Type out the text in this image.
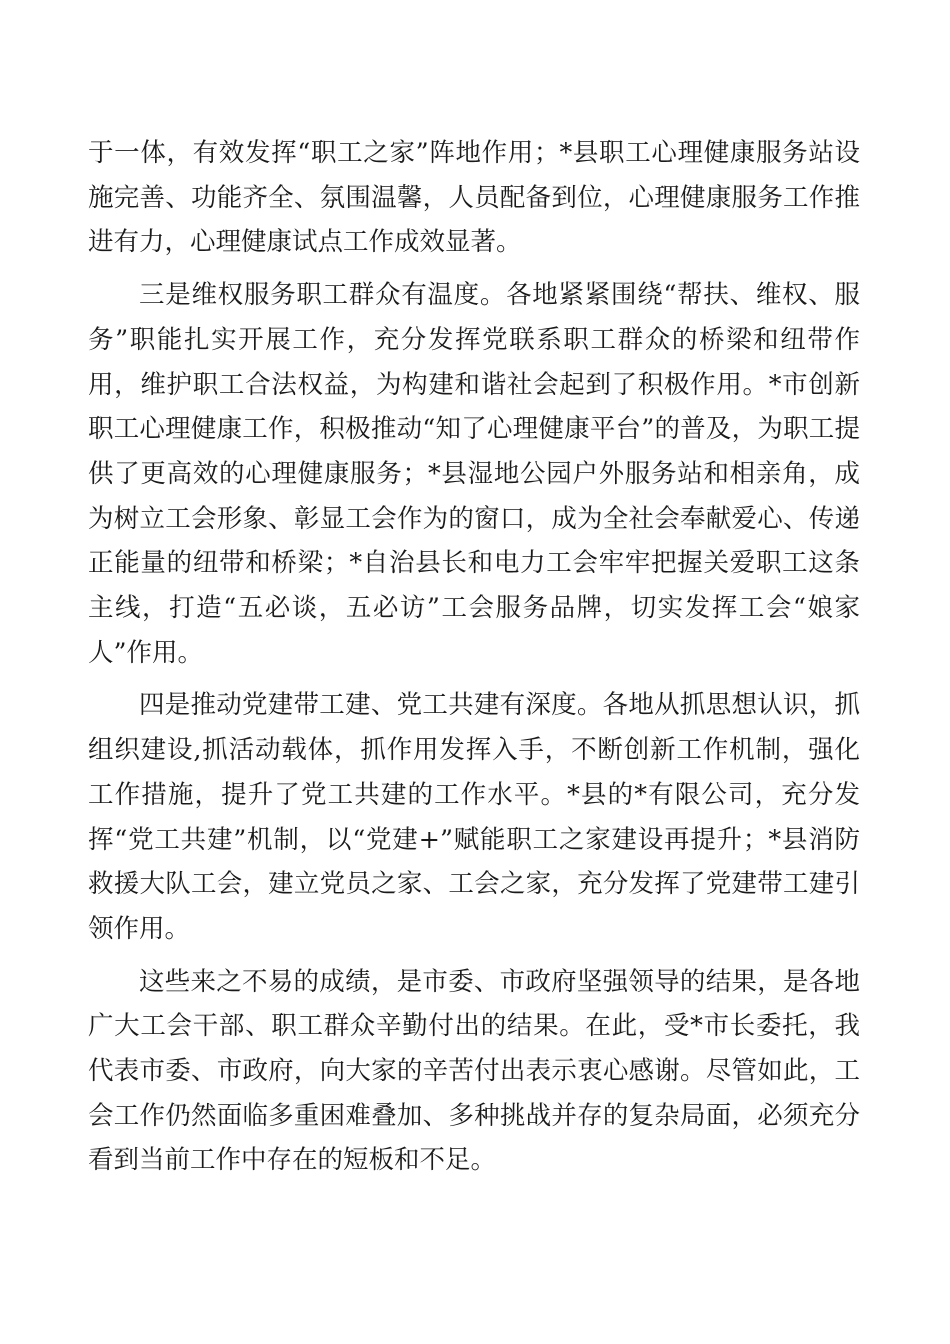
于一体，有效发挥“职工之家”阵地作用；*县职工心理健康服务站设施完善、功能齐全、氛围温馨，人员配备到位，心理健康服务工作推进有力，心理健康试点工作成效显著。

三是维权服务职工群众有温度。各地紧紧围绕“帮扶、维权、服务”职能扎实开展工作，充分发挥党联系职工群众的桥梁和纽带作用，维护职工合法权益，为构建和谐社会起到了积极作用。*市创新职工心理健康工作，积极推动“知了心理健康平台”的普及，为职工提供了更高效的心理健康服务；*县湿地公园户外服务站和相亲角，成为树立工会形象、彰显工会作为的窗口，成为全社会奉献爱心、传递正能量的纽带和桥梁；*自治县长和电力工会牢牢把握关爱职工这条主线，打造“五必谈，五必访”工会服务品牌，切实发挥工会“娘家人”作用。

四是推动党建带工建、党工共建有深度。各地从抓思想认识，抓组织建设,抓活动载体，抓作用发挥入手，不断创新工作机制，强化工作措施，提升了党工共建的工作水平。*县的*有限公司，充分发挥“党工共建”机制，以“党建+”赋能职工之家建设再提升；*县消防救援大队工会，建立党员之家、工会之家，充分发挥了党建带工建引领作用。

这些来之不易的成绩，是市委、市政府坚强领导的结果，是各地广大工会干部、职工群众辛勤付出的结果。在此，受*市长委托，我代表市委、市政府，向大家的辛苦付出表示衷心感谢。尽管如此，工会工作仍然面临多重困难叠加、多种挑战并存的复杂局面，必须充分看到当前工作中存在的短板和不足。
